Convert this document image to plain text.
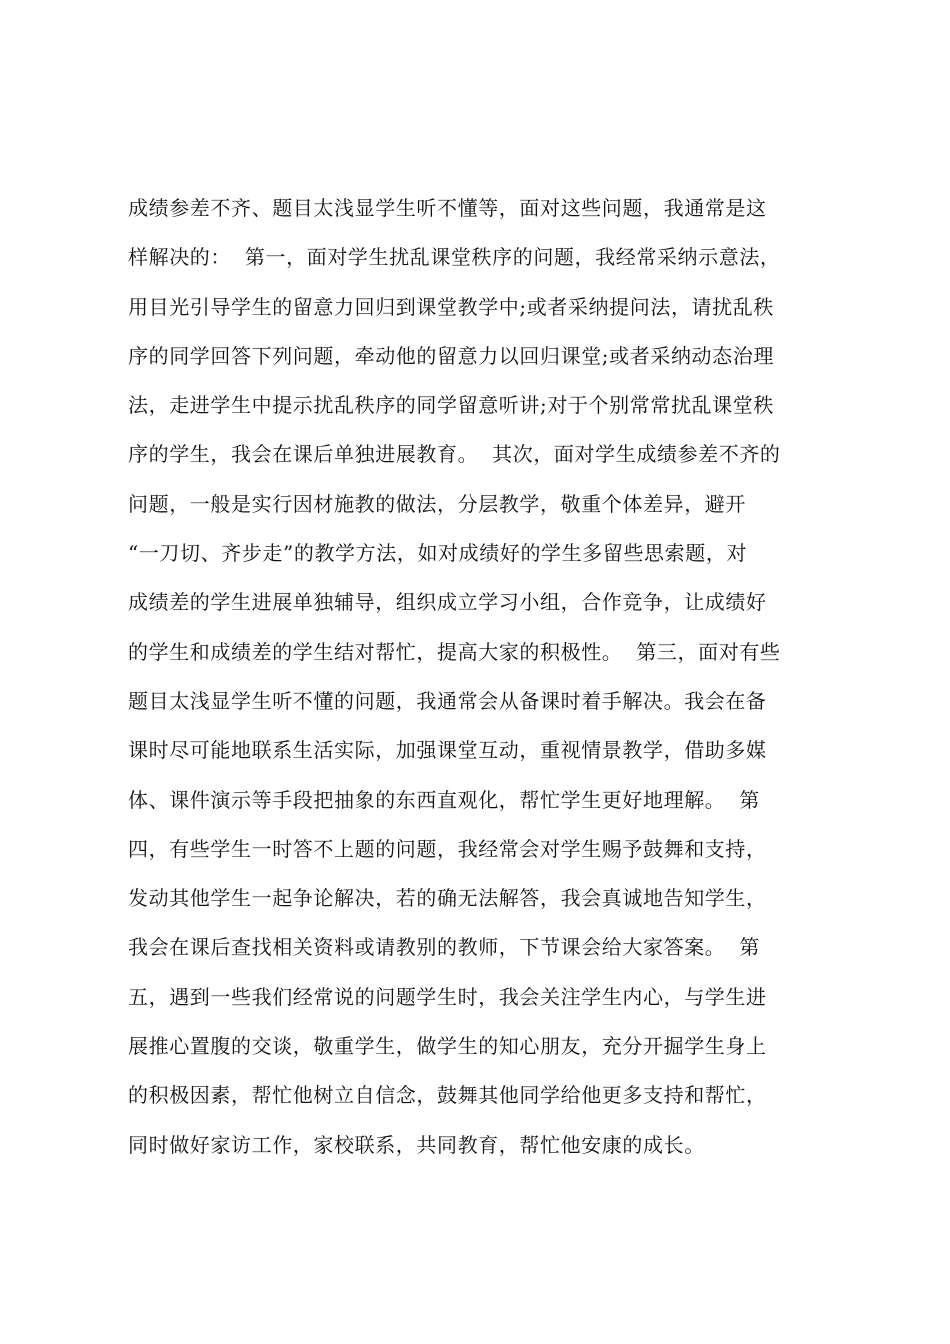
成绩参差不齐、题目太浅显学生听不懂等，面对这些问题，我通常是这
样解决的：  第一，面对学生扰乱课堂秩序的问题，我经常采纳示意法，
用目光引导学生的留意力回归到课堂教学中;或者采纳提问法，请扰乱秩
序的同学回答下列问题，牵动他的留意力以回归课堂;或者采纳动态治理
法，走进学生中提示扰乱秩序的同学留意听讲;对于个别常常扰乱课堂秩
序的学生，我会在课后单独进展教育。  其次，面对学生成绩参差不齐的
问题，一般是实行因材施教的做法，分层教学，敬重个体差异，避开
“一刀切、齐步走”的教学方法，如对成绩好的学生多留些思索题，对
成绩差的学生进展单独辅导，组织成立学习小组，合作竞争，让成绩好
的学生和成绩差的学生结对帮忙，提高大家的积极性。  第三，面对有些
题目太浅显学生听不懂的问题，我通常会从备课时着手解决。我会在备
课时尽可能地联系生活实际，加强课堂互动，重视情景教学，借助多媒
体、课件演示等手段把抽象的东西直观化，帮忙学生更好地理解。  第
四，有些学生一时答不上题的问题，我经常会对学生赐予鼓舞和支持，
发动其他学生一起争论解决，若的确无法解答，我会真诚地告知学生，
我会在课后查找相关资料或请教别的教师，下节课会给大家答案。  第
五，遇到一些我们经常说的问题学生时，我会关注学生内心，与学生进
展推心置腹的交谈，敬重学生，做学生的知心朋友，充分开掘学生身上
的积极因素，帮忙他树立自信念，鼓舞其他同学给他更多支持和帮忙，
同时做好家访工作，家校联系，共同教育，帮忙他安康的成长。
